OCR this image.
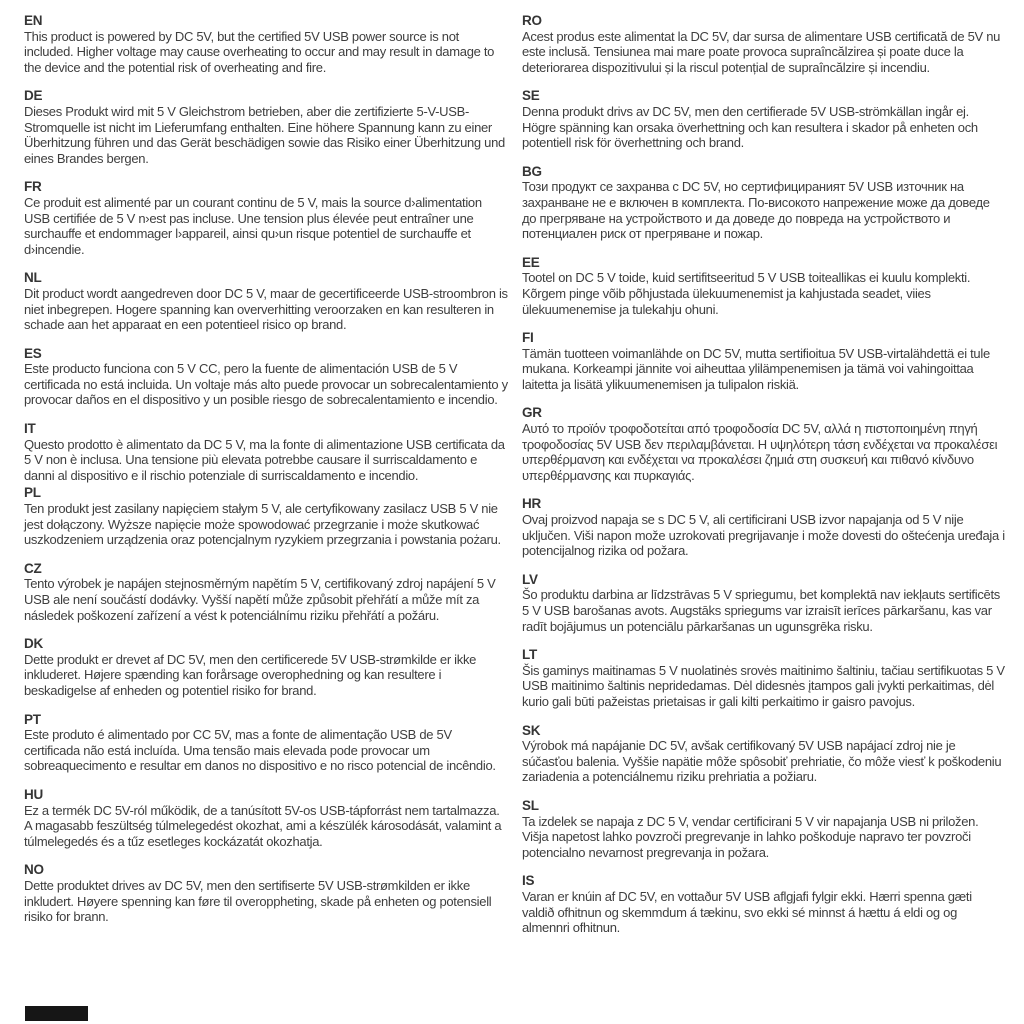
EN
This product is powered by DC 5V, but the certified 5V USB power source is not included. Higher voltage may cause overheating to occur and may result in damage to the device and the potential risk of overheating and fire.
DE
Dieses Produkt wird mit 5 V Gleichstrom betrieben, aber die zertifizierte 5-V-USB-Stromquelle ist nicht im Lieferumfang enthalten. Eine höhere Spannung kann zu einer Überhitzung führen und das Gerät beschädigen sowie das Risiko einer Überhitzung und eines Brandes bergen.
FR
Ce produit est alimenté par un courant continu de 5 V, mais la source d›alimentation USB certifiée de 5 V n›est pas incluse. Une tension plus élevée peut entraîner une surchauffe et endommager l›appareil, ainsi qu›un risque potentiel de surchauffe et d›incendie.
NL
Dit product wordt aangedreven door DC 5 V, maar de gecertificeerde USB-stroombron is niet inbegrepen. Hogere spanning kan oververhitting veroorzaken en kan resulteren in schade aan het apparaat en een potentieel risico op brand.
ES
Este producto funciona con 5 V CC, pero la fuente de alimentación USB de 5 V certificada no está incluida. Un voltaje más alto puede provocar un sobrecalentamiento y provocar daños en el dispositivo y un posible riesgo de sobrecalentamiento e incendio.
IT
Questo prodotto è alimentato da DC 5 V, ma la fonte di alimentazione USB certificata da 5 V non è inclusa. Una tensione più elevata potrebbe causare il surriscaldamento e danni al dispositivo e il rischio potenziale di surriscaldamento e incendio.
PL
Ten produkt jest zasilany napięciem stałym 5 V, ale certyfikowany zasilacz USB 5 V nie jest dołączony. Wyższe napięcie może spowodować przegrzanie i może skutkować uszkodzeniem urządzenia oraz potencjalnym ryzykiem przegrzania i powstania pożaru.
CZ
Tento výrobek je napájen stejnosměrným napětím 5 V, certifikovaný zdroj napájení 5 V USB ale není součástí dodávky. Vyšší napětí může způsobit přehřátí a může mít za následek poškození zařízení a vést k potenciálnímu riziku přehřátí a požáru.
DK
Dette produkt er drevet af DC 5V, men den certificerede 5V USB-strømkilde er ikke inkluderet. Højere spænding kan forårsage overophedning og kan resultere i beskadigelse af enheden og potentiel risiko for brand.
PT
Este produto é alimentado por CC 5V, mas a fonte de alimentação USB de 5V certificada não está incluída. Uma tensão mais elevada pode provocar um sobreaquecimento e resultar em danos no dispositivo e no risco potencial de incêndio.
HU
Ez a termék DC 5V-ról működik, de a tanúsított 5V-os USB-tápforrást nem tartalmazza. A magasabb feszültség túlmelegedést okozhat, ami a készülék károsodását, valamint a túlmelegedés és a tűz esetleges kockázatát okozhatja.
NO
Dette produktet drives av DC 5V, men den sertifiserte 5V USB-strømkilden er ikke inkludert. Høyere spenning kan føre til overoppheting, skade på enheten og potensiell risiko for brann.
RO
Acest produs este alimentat la DC 5V, dar sursa de alimentare USB certificată de 5V nu este inclusă. Tensiunea mai mare poate provoca supraîncălzirea și poate duce la deteriorarea dispozitivului și la riscul potențial de supraîncălzire și incendiu.
SE
Denna produkt drivs av DC 5V, men den certifierade 5V USB-strömkällan ingår ej. Högre spänning kan orsaka överhettning och kan resultera i skador på enheten och potentiell risk för överhettning och brand.
BG
Този продукт се захранва с DC 5V, но сертифицираният 5V USB източник на захранване не е включен в комплекта. По-високото напрежение може да доведе до прегряване на устройството и да доведе до повреда на устройството и потенциален риск от прегряване и пожар.
EE
Tootel on DC 5 V toide, kuid sertifitseeritud 5 V USB toiteallikas ei kuulu komplekti. Kõrgem pinge võib põhjustada ülekuumenemist ja kahjustada seadet, viies ülekuumenemise ja tulekahju ohuni.
FI
Tämän tuotteen voimanlähde on DC 5V, mutta sertifioitua 5V USB-virtalähdettä ei tule mukana. Korkeampi jännite voi aiheuttaa ylilämpenemisen ja tämä voi vahingoittaa laitetta ja lisätä ylikuumenemisen ja tulipalon riskiä.
GR
Αυτό το προϊόν τροφοδοτείται από τροφοδοσία DC 5V, αλλά η πιστοποιημένη πηγή τροφοδοσίας 5V USB δεν περιλαμβάνεται. Η υψηλότερη τάση ενδέχεται να προκαλέσει υπερθέρμανση και ενδέχεται να προκαλέσει ζημιά στη συσκευή και πιθανό κίνδυνο υπερθέρμανσης και πυρκαγιάς.
HR
Ovaj proizvod napaja se s DC 5 V, ali certificirani USB izvor napajanja od 5 V nije uključen. Viši napon može uzrokovati pregrijavanje i može dovesti do oštećenja uređaja i potencijalnog rizika od požara.
LV
Šo produktu darbina ar līdzstrāvas 5 V spriegumu, bet komplektā nav iekļauts sertificēts 5 V USB barošanas avots. Augstāks spriegums var izraisīt ierīces pārkaršanu, kas var radīt bojājumus un potenciālu pārkaršanas un ugunsgrēka risku.
LT
Šis gaminys maitinamas 5 V nuolatinės srovės maitinimo šaltiniu, tačiau sertifikuotas 5 V USB maitinimo šaltinis nepridedamas. Dėl didesnės įtampos gali įvykti perkaitimas, dėl kurio gali būti pažeistas prietaisas ir gali kilti perkaitimo ir gaisro pavojus.
SK
Výrobok má napájanie DC 5V, avšak certifikovaný 5V USB napájací zdroj nie je súčasťou balenia. Vyššie napätie môže spôsobiť prehriatie, čo môže viesť k poškodeniu zariadenia a potenciálnemu riziku prehriatia a požiaru.
SL
Ta izdelek se napaja z DC 5 V, vendar certificirani 5 V vir napajanja USB ni priložen. Višja napetost lahko povzroči pregrevanje in lahko poškoduje napravo ter povzroči potencialno nevarnost pregrevanja in požara.
IS
Varan er knúin af DC 5V, en vottaður 5V USB aflgjafi fylgir ekki. Hærri spenna gæti valdið ofhitnun og skemmdum á tækinu, svo ekki sé minnst á hættu á eldi og og almennri ofhitnun.
